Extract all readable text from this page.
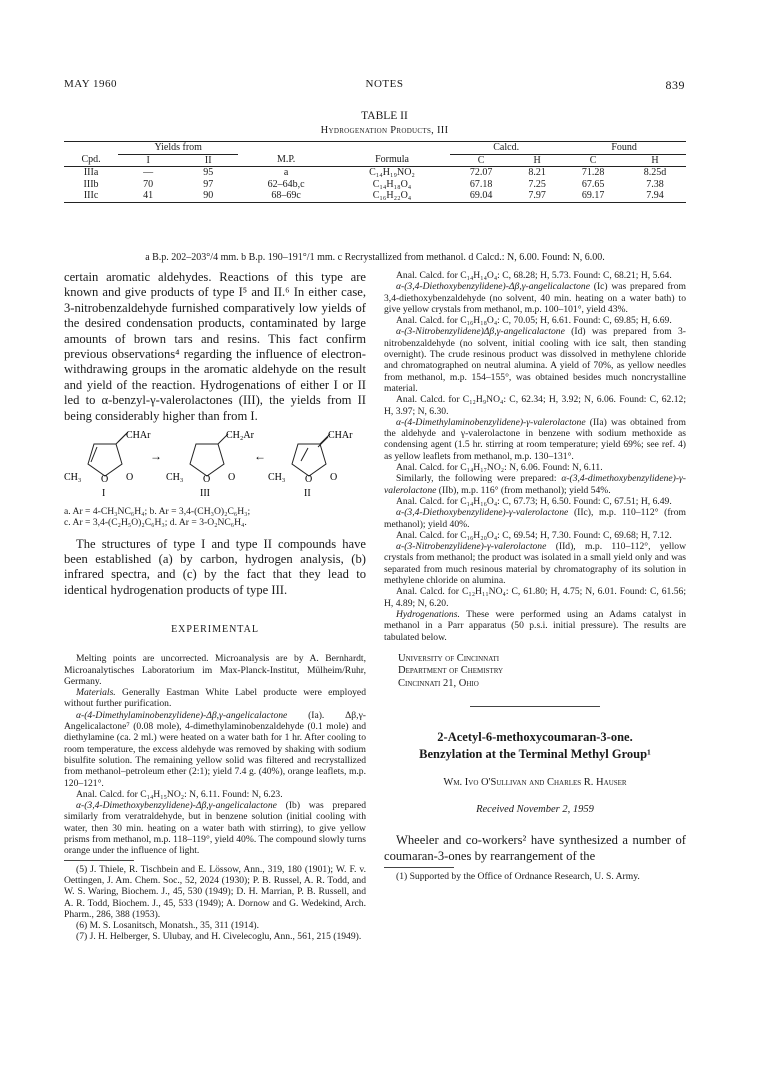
MAY 1960	NOTES	839
TABLE II
Hydrogenation Products, III
	Yields from				Calcd.		Found	
Cpd.	I	II	M.P.	Formula	C	H	C	H
IIIa	—	95	a	C₁₄H₁₉NO₂	72.07	8.21	71.28	8.25d
IIIb	70	97	62–64b,c	C₁₄H₁₈O₄	67.18	7.25	67.65	7.38
IIIc	41	90	68–69c	C₁₆H₂₂O₄	69.04	7.97	69.17	7.94
a B.p. 202–203°/4 mm. b B.p. 190–191°/1 mm. c Recrystallized from methanol. d Calcd.: N, 6.00. Found: N, 6.00.

certain aromatic aldehydes. Reactions of this type are known and give products of type I⁵ and II.⁶ In either case, 3-nitrobenzaldehyde furnished comparatively low yields of the desired condensation products, contaminated by large amounts of brown tars and resins. This fact confirm previous observations⁴ regarding the influence of electron-withdrawing groups in the aromatic aldehyde on the result and yield of the reaction. Hydrogenations of either I or II led to α-benzyl-γ-valerolactones (III), the yields from II being considerably higher than from I.

CHAr	CH₂Ar	CHAr
CH₃	CH₃	CH₃
O	O	O
O	O	O
→	←
I	III	II

a. Ar = 4-CH₃NC₆H₄; b. Ar = 3,4-(CH₃O)₂C₆H₃;

c. Ar = 3,4-(C₂H₅O)₂C₆H₃; d. Ar = 3-O₂NC₆H₄.

The structures of type I and type II compounds have been established (a) by carbon, hydrogen analysis, (b) infrared spectra, and (c) by the fact that they lead to identical hydrogenation products of type III.

EXPERIMENTAL

Melting points are uncorrected. Microanalysis are by A. Bernhardt, Microanalytisches Laboratorium im Max-Planck-Institut, Mülheim/Ruhr, Germany.

Materials. Generally Eastman White Label producte were employed without further purification.

α-(4-Dimethylaminobenzylidene)-Δβ,γ-angelicalactone (Ia). Δβ,γ-Angelicalactone⁷ (0.08 mole), 4-dimethylaminobenzaldehyde (0.1 mole) and diethylamine (ca. 2 ml.) were heated on a water bath for 1 hr. After cooling to room temperature, the excess aldehyde was removed by shaking with sodium bisulfite solution. The remaining yellow solid was filtered and recrystallized from methanol–petroleum ether (2:1); yield 7.4 g. (40%), orange leaflets, m.p. 120–121°.

Anal. Calcd. for C₁₄H₁₅NO₂: N, 6.11. Found: N, 6.23.

α-(3,4-Dimethoxybenzylidene)-Δβ,γ-angelicalactone (Ib) was prepared similarly from veratraldehyde, but in benzene solution (initial cooling with water, then 30 min. heating on a water bath with stirring), to give yellow prisms from methanol, m.p. 118–119°, yield 40%. The compound slowly turns orange under the influence of light.

(5) J. Thiele, R. Tischbein and E. Lössow, Ann., 319, 180 (1901); W. F. v. Oettingen, J. Am. Chem. Soc., 52, 2024 (1930); P. B. Russel, A. R. Todd, and W. S. Waring, Biochem. J., 45, 530 (1949); D. H. Marrian, P. B. Russell, and A. R. Todd, Biochem. J., 45, 533 (1949); A. Dornow and G. Wedekind, Arch. Pharm., 286, 388 (1953).

(6) M. S. Losanitsch, Monatsh., 35, 311 (1914).

(7) J. H. Helberger, S. Ulubay, and H. Civelecoglu, Ann., 561, 215 (1949).

Anal. Calcd. for C₁₄H₁₄O₄: C, 68.28; H, 5.73. Found: C, 68.21; H, 5.64.

α-(3,4-Diethoxybenzylidene)-Δβ,γ-angelicalactone (Ic) was prepared from 3,4-diethoxybenzaldehyde (no solvent, 40 min. heating on a water bath) to give yellow crystals from methanol, m.p. 100–101°, yield 43%.

Anal. Calcd. for C₁₆H₁₈O₄: C, 70.05; H, 6.61. Found: C, 69.85; H, 6.69.

α-(3-Nitrobenzylidene)Δβ,γ-angelicalactone (Id) was prepared from 3-nitrobenzaldehyde (no solvent, initial cooling with ice salt, then standing overnight). The crude resinous product was dissolved in methylene chloride and chromatographed on neutral alumina. A yield of 70%, as yellow needles from methanol, m.p. 154–155°, was obtained besides much noncrystalline material.

Anal. Calcd. for C₁₂H₉NO₄: C, 62.34; H, 3.92; N, 6.06. Found: C, 62.12; H, 3.97; N, 6.30.

α-(4-Dimethylaminobenzylidene)-γ-valerolactone (IIa) was obtained from the aldehyde and γ-valerolactone in benzene with sodium methoxide as condensing agent (1.5 hr. stirring at room temperature; yield 69%; see ref. 4) as yellow leaflets from methanol, m.p. 130–131°.

Anal. Calcd. for C₁₄H₁₇NO₂: N, 6.06. Found: N, 6.11.

Similarly, the following were prepared: α-(3,4-dimethoxybenzylidene)-γ-valerolactone (IIb), m.p. 116° (from methanol); yield 54%.

Anal. Calcd. for C₁₄H₁₆O₄: C, 67.73; H, 6.50. Found: C, 67.51; H, 6.49.

α-(3,4-Diethoxybenzylidene)-γ-valerolactone (IIc), m.p. 110–112° (from methanol); yield 40%.

Anal. Calcd. for C₁₆H₂₀O₄: C, 69.54; H, 7.30. Found: C, 69.68; H, 7.12.

α-(3-Nitrobenzylidene)-γ-valerolactone (IId), m.p. 110–112°, yellow crystals from methanol; the product was isolated in a small yield only and was separated from much resinous material by chromatography of its solution in methylene chloride on alumina.

Anal. Calcd. for C₁₂H₁₁NO₄: C, 61.80; H, 4.75; N, 6.01. Found: C, 61.56; H, 4.89; N, 6.20.

Hydrogenations. These were performed using an Adams catalyst in methanol in a Parr apparatus (50 p.s.i. initial pressure). The results are tabulated below.

University of Cincinnati

Department of Chemistry

Cincinnati 21, Ohio

2-Acetyl-6-methoxycoumaran-3-one.

Benzylation at the Terminal Methyl Group¹

Wm. Ivo O'Sullivan and Charles R. Hauser

Received November 2, 1959

Wheeler and co-workers² have synthesized a number of coumaran-3-ones by rearrangement of the

(1) Supported by the Office of Ordnance Research, U. S. Army.
